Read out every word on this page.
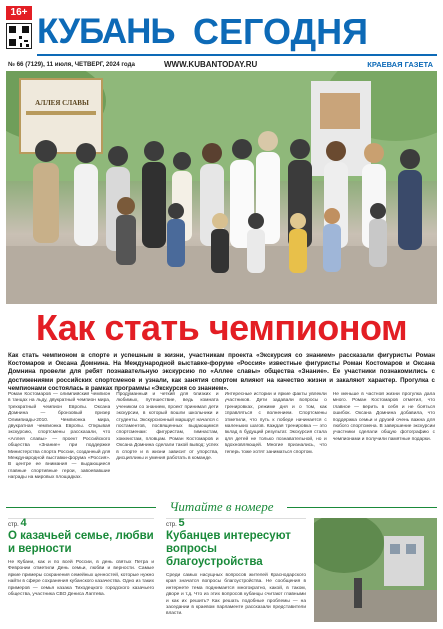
16+ КУБАНЬ СЕГОДНЯ
№ 66 (7129), 11 июля, ЧЕТВЕРГ, 2024 года	WWW.KUBANTODAY.RU	КРАЕВАЯ ГАЗЕТА
АЛЛЕЯ СЛАВЫ
Как стать чемпионом

Как стать чемпионом в спорте и успешным в жизни, участникам проекта «Экскурсия со знанием» рассказали фигуристы Роман Костомаров и Оксана Домнина. На Международной выставке-форуме «Россия» известные фигуристы Роман Костомаров и Оксана Домнина провели для ребят познавательную экскурсию по «Аллее славы» общества «Знание». Ее участники познакомились с достижениями российских спортсменов и узнали, как занятия спортом влияют на качество жизни и закаляют характер. Прогулка с чемпионами состоялась в рамках программы «Экскурсия со знанием».

Роман Костомаров — олимпийский чемпион в танцах на льду, двукратный чемпион мира, трехкратный чемпион Европы. Оксана Домнина — бронзовый призер Олимпиады-2010. Чемпионка мира, двукратная чемпионка Европы. Открывая экскурсию, спортсмены рассказали, что «Аллея славы» — проект Российского общества «Знание» при поддержке Министерства спорта России, созданный для Международной выставки-форума «Россия». В центре ее внимания — выдающиеся главные спортивные герои, завоевавшие награды на мировых площадках.

Продуманный и четкий для близких и любимых, путешествие, ведь комната учеником со знанием, проект принимал дети экскурсии, в который вошли школьники и студенты. Экскурсионный маршрут начался с постаментов, посвященных выдающимся спортсменам: фигуристам, гимнастам, хоккеистам, пловцам. Роман Костомаров и Оксана Домнина сделали такой вывод: успех в спорте и в жизни зависит от упорства, дисциплины и умения работать в команде.

Интересные истории и яркие факты увлекли участников. Дети задавали вопросы о тренировках, режиме дня и о том, как справляться с волнением. Спортсмены отметили, что путь к победе начинается с маленьких шагов. Каждая тренировка — это вклад в будущий результат. Экскурсия стала для детей не только познавательной, но и вдохновляющей. Многие признались, что теперь тоже хотят заниматься спортом.

Не меньше в частной жизни прогулка дала много. Роман Костомаров отметил, что главное — верить в себя и не бояться ошибок. Оксана Домнина добавила, что поддержка семьи и друзей очень важна для любого спортсмена. В завершение экскурсии участники сделали общую фотографию с чемпионами и получили памятные подарки.

Читайте в номере
стр. 4
О казачьей семье, любви и верности
Не Кубани, как и по всей России, в день святых Петра и Февронии отметили День семьи, любви и верности. Самые яркие примеры сохранения семейных ценностей, которые нужно найти в сфере сохранения кубанского казачества. Одно из таких примеров — семья казака Тиходецкого городского казачьего общества, участника СВО Дениса Лаптева.
стр. 5
Кубанцев интересуют вопросы благоустройства
Среди самых насущных вопросов жителей Краснодарского края значатся вопросы благоустройства. Не сообщения в интернете тема поднимается многократно, какой, в таком, дворе и т.д. Что из этих вопросов кубанцы считают главными и как их решить? Как решать подобные проблемы — на заседании в краевом парламенте рассказали представители власти.
